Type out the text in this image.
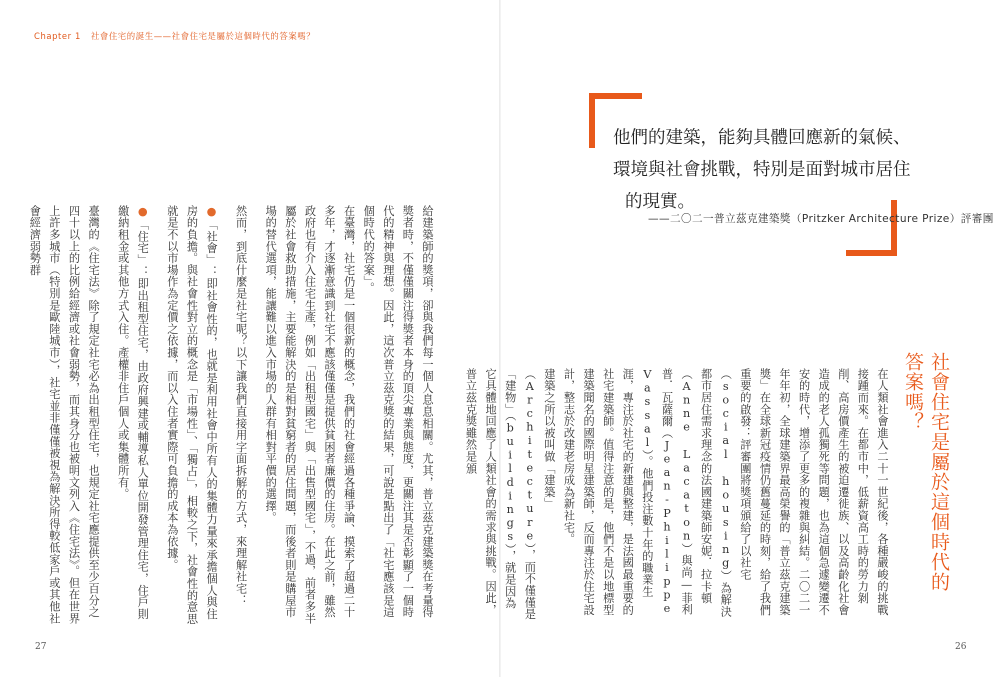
Chapter 1 社會住宅的誕生——社會住宅是屬於這個時代的答案嗎？

給建築師的獎項，卻與我們每一個人息息相關。尤其，普立茲克建築獎在考量得獎者時，不僅僅關注得獎者本身的頂尖專業與態度，更關注其是否彰顯了一個時代的精神與理想。因此，這次普立茲克獎的結果，可說是點出了「社宅應該是這個時代的答案」。

在臺灣，社宅仍是一個很新的概念，我們的社會經過各種爭論、摸索了超過二十多年，才逐漸意識到社宅不應該僅僅是提供貧困者廉價的住房。在此之前，雖然政府也有介入住宅生產，例如「出租型國宅」與「出售型國宅」，不過，前者多半屬於社會救助措施，主要能解決的是相對貧窮者的居住問題，而後者則是購屋市場的替代選項，能讓難以進入市場的人群有相對平價的選擇。

然而，到底什麼是社宅呢？以下讓我們直接用字面拆解的方式，來理解社宅：

●「社會」：即社會性的，也就是利用社會中所有人的集體力量來承擔個人與住房的負擔。與社會性對立的概念是「市場性」、「獨占」，相較之下，社會性的意思就是不以市場作為定價之依據，而以入住者實際可負擔的成本為依據。

●「住宅」：即出租型住宅，由政府興建或輔導私人單位開發管理住宅，住戶則繳納租金或其他方式入住。產權非住戶個人或集體所有。

臺灣的《住宅法》除了規定社宅必為出租型住宅，也規定社宅應提供至少百分之四十以上的比例給經濟或社會弱勢，而其身分也被明文列入《住宅法》。但在世界上許多城市（特別是歐陸城市），社宅並非僅僅被視為解決所得較低家戶或其他社會經濟弱勢群

27
他們的建築，能夠具體回應新的氣候、
環境與社會挑戰，特別是面對城市居住
的現實。
——二〇二一普立茲克建築獎（Pritzker Architecture Prize）評審團
社會住宅是屬於這個時代的答案嗎？

在人類社會進入二十一世紀後，各種嚴峻的挑戰接踵而來。在都市中，低薪資高工時的勞力剝削、高房價產生的被迫遷徙族、以及高齡化社會造成的老人孤獨死等問題，也為這個急遽變遷不安的時代，增添了更多的複雜與糾結。二〇二一年年初，全球建築界最高榮譽的「普立茲克建築獎」在全球新冠疫情仍舊蔓延的時刻，給了我們重要的啟發：評審團將獎項頒給了以社宅（social housing）為解決都市居住需求理念的法國建築師安妮．拉卡頓（Anne Lacaton）與尚—菲利普．瓦薩爾（Jean-Philippe Vassal）。他們投注數十年的職業生涯，專注於社宅的新建與整建，是法國最重要的社宅建築師。值得注意的是，他們不是以地標型建築聞名的國際明星建築師，反而專注於住宅設計，整志於改建老房成為新社宅。

建築之所以被叫做「建築」（Architecture），而不僅僅是「建物」（buildings），就是因為它具體地回應了人類社會的需求與挑戰。因此，普立茲克獎雖然是頒

26
